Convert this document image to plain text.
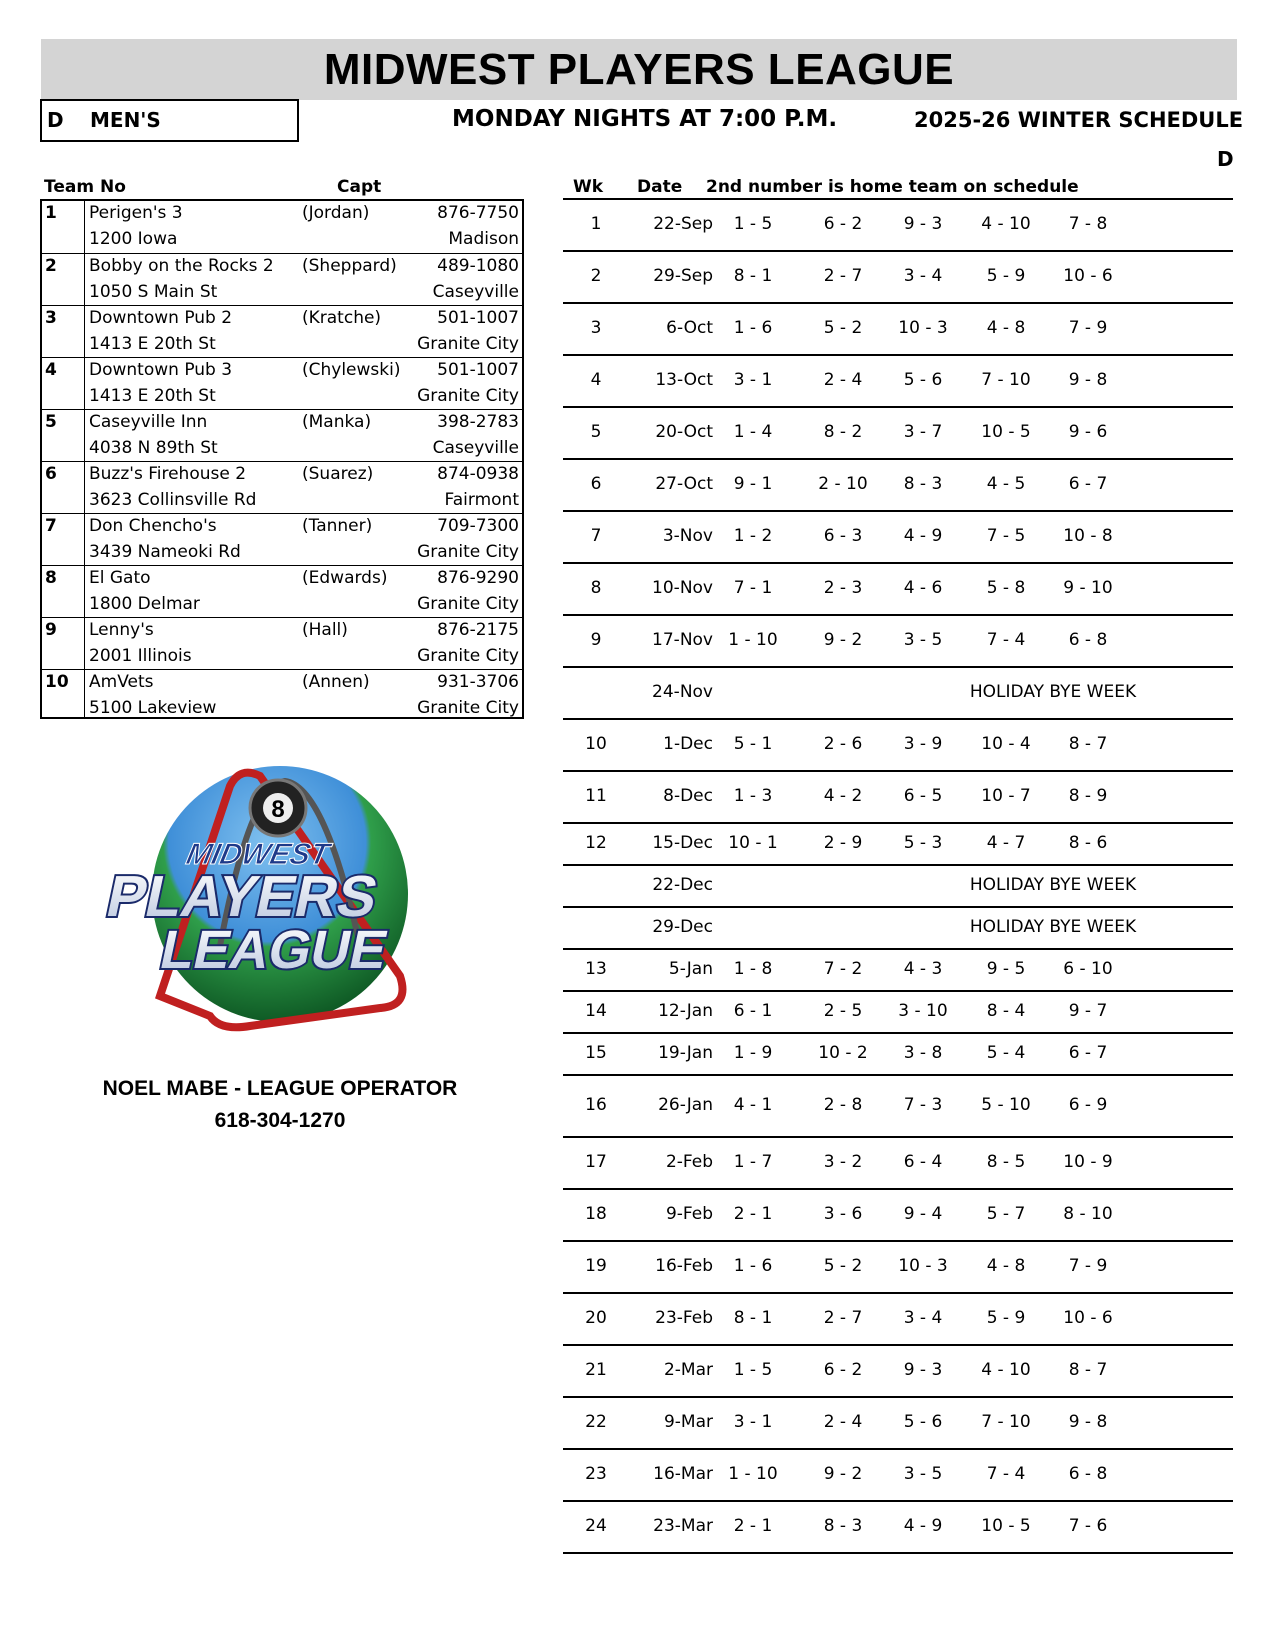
MIDWEST PLAYERS LEAGUE
D MEN'S	MONDAY NIGHTS AT 7:00 P.M.	2025-26 WINTER SCHEDULE
D
Team No	Capt
1 Perigen's 3
1200 Iowa
(Jordan)	876-7750
Madison
2 Bobby on the Rocks 2
1050 S Main St
(Sheppard) 489-1080
Caseyville
3 Downtown Pub 2
1413 E 20th St
(Kratche)	501-1007
Granite City
4 Downtown Pub 3
1413 E 20th St
(Chylewski) 501-1007
Granite City
5 Caseyville Inn
4038 N 89th St
(Manka)	398-2783
Caseyville
6 Buzz's Firehouse 2
3623 Collinsville Rd
(Suarez)	874-0938
Fairmont
7 Don Chencho's
3439 Nameoki Rd
(Tanner)	709-7300
Granite City
8 El Gato
1800 Delmar
(Edwards)	876-9290
Granite City
9 Lenny's
2001 Illinois
(Hall)	876-2175
Granite City
10 AmVets
5100 Lakeview
(Annen)	931-3706
Granite City
8
MIDWEST
PLAYERS
LEAGUE
NOEL MABE - LEAGUE OPERATOR
618-304-1270
Wk Date 2nd number is home team on schedule
1	22-Sep	1 - 5	6 - 2	9 - 3	4 - 10	7 - 8
2	29-Sep	8 - 1	2 - 7	3 - 4	5 - 9	10 - 6
3	6-Oct	1 - 6	5 - 2	10 - 3	4 - 8	7 - 9
4	13-Oct	3 - 1	2 - 4	5 - 6	7 - 10	9 - 8
5	20-Oct	1 - 4	8 - 2	3 - 7	10 - 5	9 - 6
6	27-Oct	9 - 1	2 - 10	8 - 3	4 - 5	6 - 7
7	3-Nov	1 - 2	6 - 3	4 - 9	7 - 5	10 - 8
8	10-Nov	7 - 1	2 - 3	4 - 6	5 - 8	9 - 10
9	17-Nov 1 - 10	9 - 2	3 - 5	7 - 4	6 - 8
24-Nov	HOLIDAY BYE WEEK
10	1-Dec	5 - 1	2 - 6	3 - 9	10 - 4	8 - 7
11	8-Dec	1 - 3	4 - 2	6 - 5	10 - 7	8 - 9
12	15-Dec 10 - 1	2 - 9	5 - 3	4 - 7	8 - 6
22-Dec	HOLIDAY BYE WEEK
29-Dec	HOLIDAY BYE WEEK
13	5-Jan	1 - 8	7 - 2	4 - 3	9 - 5	6 - 10
14	12-Jan	6 - 1	2 - 5	3 - 10	8 - 4	9 - 7
15	19-Jan	1 - 9	10 - 2	3 - 8	5 - 4	6 - 7
16	26-Jan	4 - 1	2 - 8	7 - 3	5 - 10	6 - 9
17	2-Feb	1 - 7	3 - 2	6 - 4	8 - 5	10 - 9
18	9-Feb	2 - 1	3 - 6	9 - 4	5 - 7	8 - 10
19	16-Feb	1 - 6	5 - 2	10 - 3	4 - 8	7 - 9
20	23-Feb	8 - 1	2 - 7	3 - 4	5 - 9	10 - 6
21	2-Mar	1 - 5	6 - 2	9 - 3	4 - 10	8 - 7
22	9-Mar	3 - 1	2 - 4	5 - 6	7 - 10	9 - 8
23	16-Mar 1 - 10	9 - 2	3 - 5	7 - 4	6 - 8
24	23-Mar	2 - 1	8 - 3	4 - 9	10 - 5	7 - 6
